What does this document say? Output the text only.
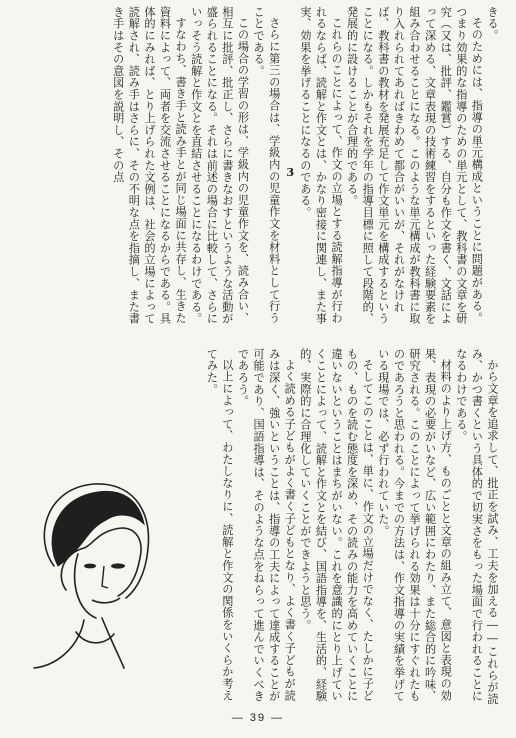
きる。

そのためには、指導の単元構成ということに問題がある。つまり効果的な指導のための単元として、教科書の文章を研究（又は、批評、鑑賞）する、自分も作文を書く、文話によって深める、文章表現の技術練習をするといった経験要素を組み合わせることになる。このような単元構成が教科書に取り入れられてあればきわめて都合がいいが、それがなければ、教科書の教材を発展充足して作文単元を構成するということになる。しかもそれを学年の指導目標に照して段階的、発展的に設けることが合理的である。

これらのことによって、作文の立場とする読解指導が行われるならば、読解と作文とは、かなり密接に関連し、また事実、効果を挙げることになるのである。

3

さらに第三の場合は、学級内の児童作文を材料として行うことである。

この場合の学習の形は、学級内の児童作文を、読み合い、相互に批評、批正し、さらに書きなおすというような活動が盛られることになる。それは前述の場合に比較して、さらにいっそう読解と作文とを直結させることになるわけである。

すなわち、書き手と読み手とが同じ場面に共存し、生きた資料によって、両者を交流させることになるからである。具体的にみれば、とり上げられた文例は、社会的立場によって読解され、読み手はさらに、その不明な点を指摘し、また書き手はその意図を説明し、その点

から文章を追求して、批正を試み、工夫を加える――これらが読み、かつ書くという具体的で切実さをもった場面で行われることになるわけである。

材料のより上げ方、ものごとと文章の組み立て、意図と表現の効果、表現の必要がいなど、広い範囲にわたり、また総合的に吟味、研究される。このことによって挙げられる効果は十分にすぐれたものであろうと思われる。今までの方法は、作文指導の実績を挙げている現場では、必ず行われていた。

そしてこのことは、単に、作文の立場だけでなく、たしかに子どもの、ものを読む態度を深め、その読みの能力を高めていくことに違いないということはまちがいない。これを意識的にとり上げていくことによって、読解と作文とを結び、国語指導を、生活的、経験的、実際的に合理化していくことができようと思う。

よく読める子どもがよく書く子どもとなり、よく書く子どもが読みは深く、強いということは、指導の工夫によって達成することが可能であり、国語指導は、そのような点をねらって進んでいくべきであろう。

以上によって、わたしなりに、読解と作文の関係をいくらか考えてみた。

― 39 ―
